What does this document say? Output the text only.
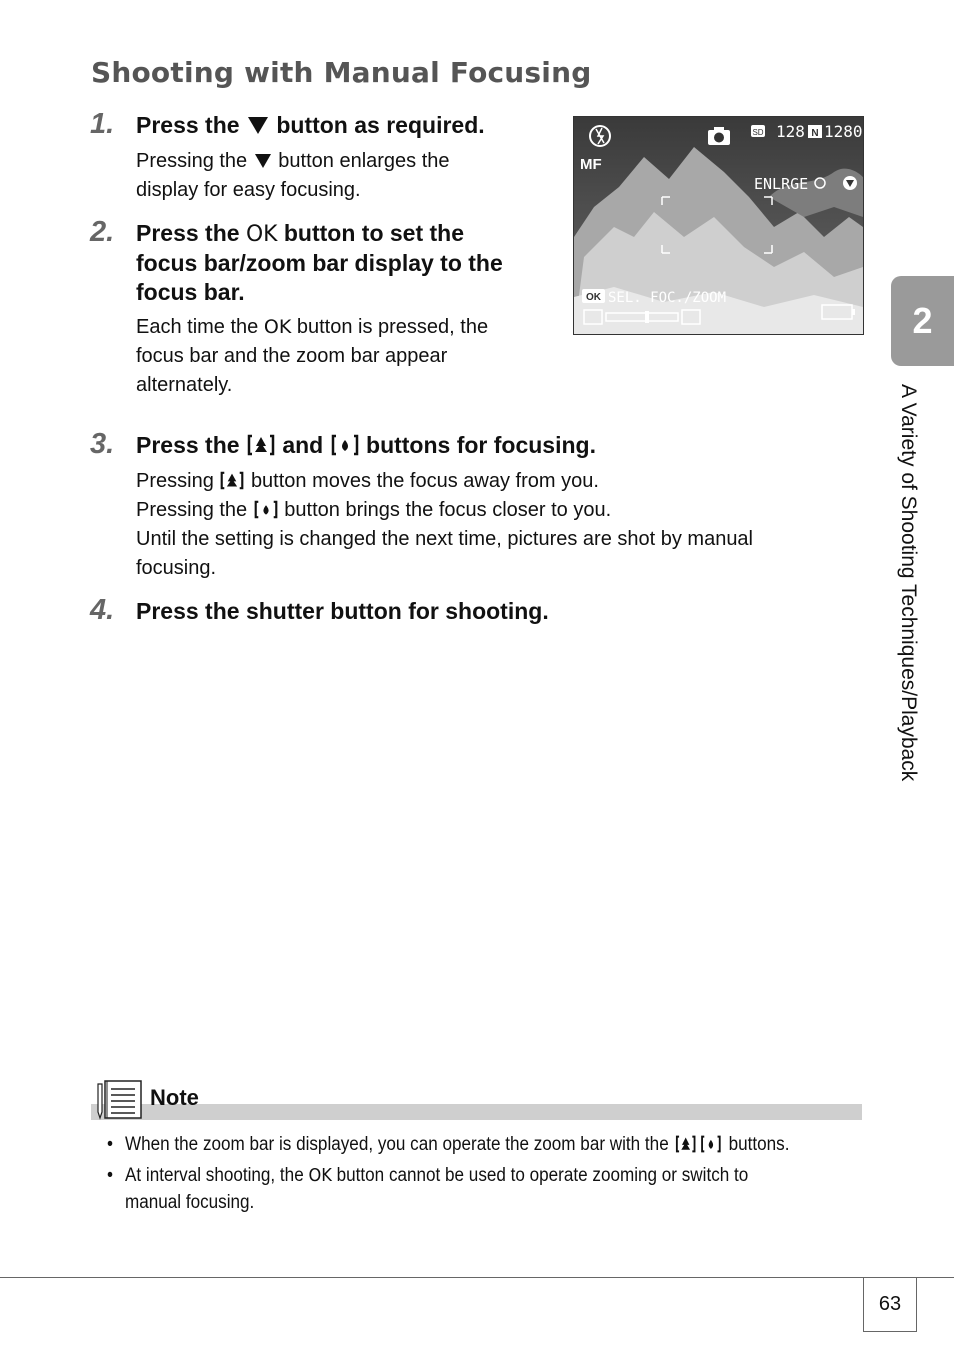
Shooting with Manual Focusing
1. Press the button as required.
Pressing the button enlarges the
display for easy focusing.
2. Press the OK button to set the
focus bar/zoom bar display to the
focus bar.
Each time the OK button is pressed, the
focus bar and the zoom bar appear
alternately.
SD 128 N 1280
MF
ENLRGE
OK SEL. FOC./ZOOM
3. Press the and buttons for focusing.
Pressing button moves the focus away from you.
Pressing the button brings the focus closer to you.
Until the setting is changed the next time, pictures are shot by manual
focusing.
4. Press the shutter button for shooting.
2
A Variety of Shooting Techniques/Playback
Note
• When the zoom bar is displayed, you can operate the zoom bar with the	buttons.
• At interval shooting, the OK button cannot be used to operate zooming or switch to manual focusing.
63
